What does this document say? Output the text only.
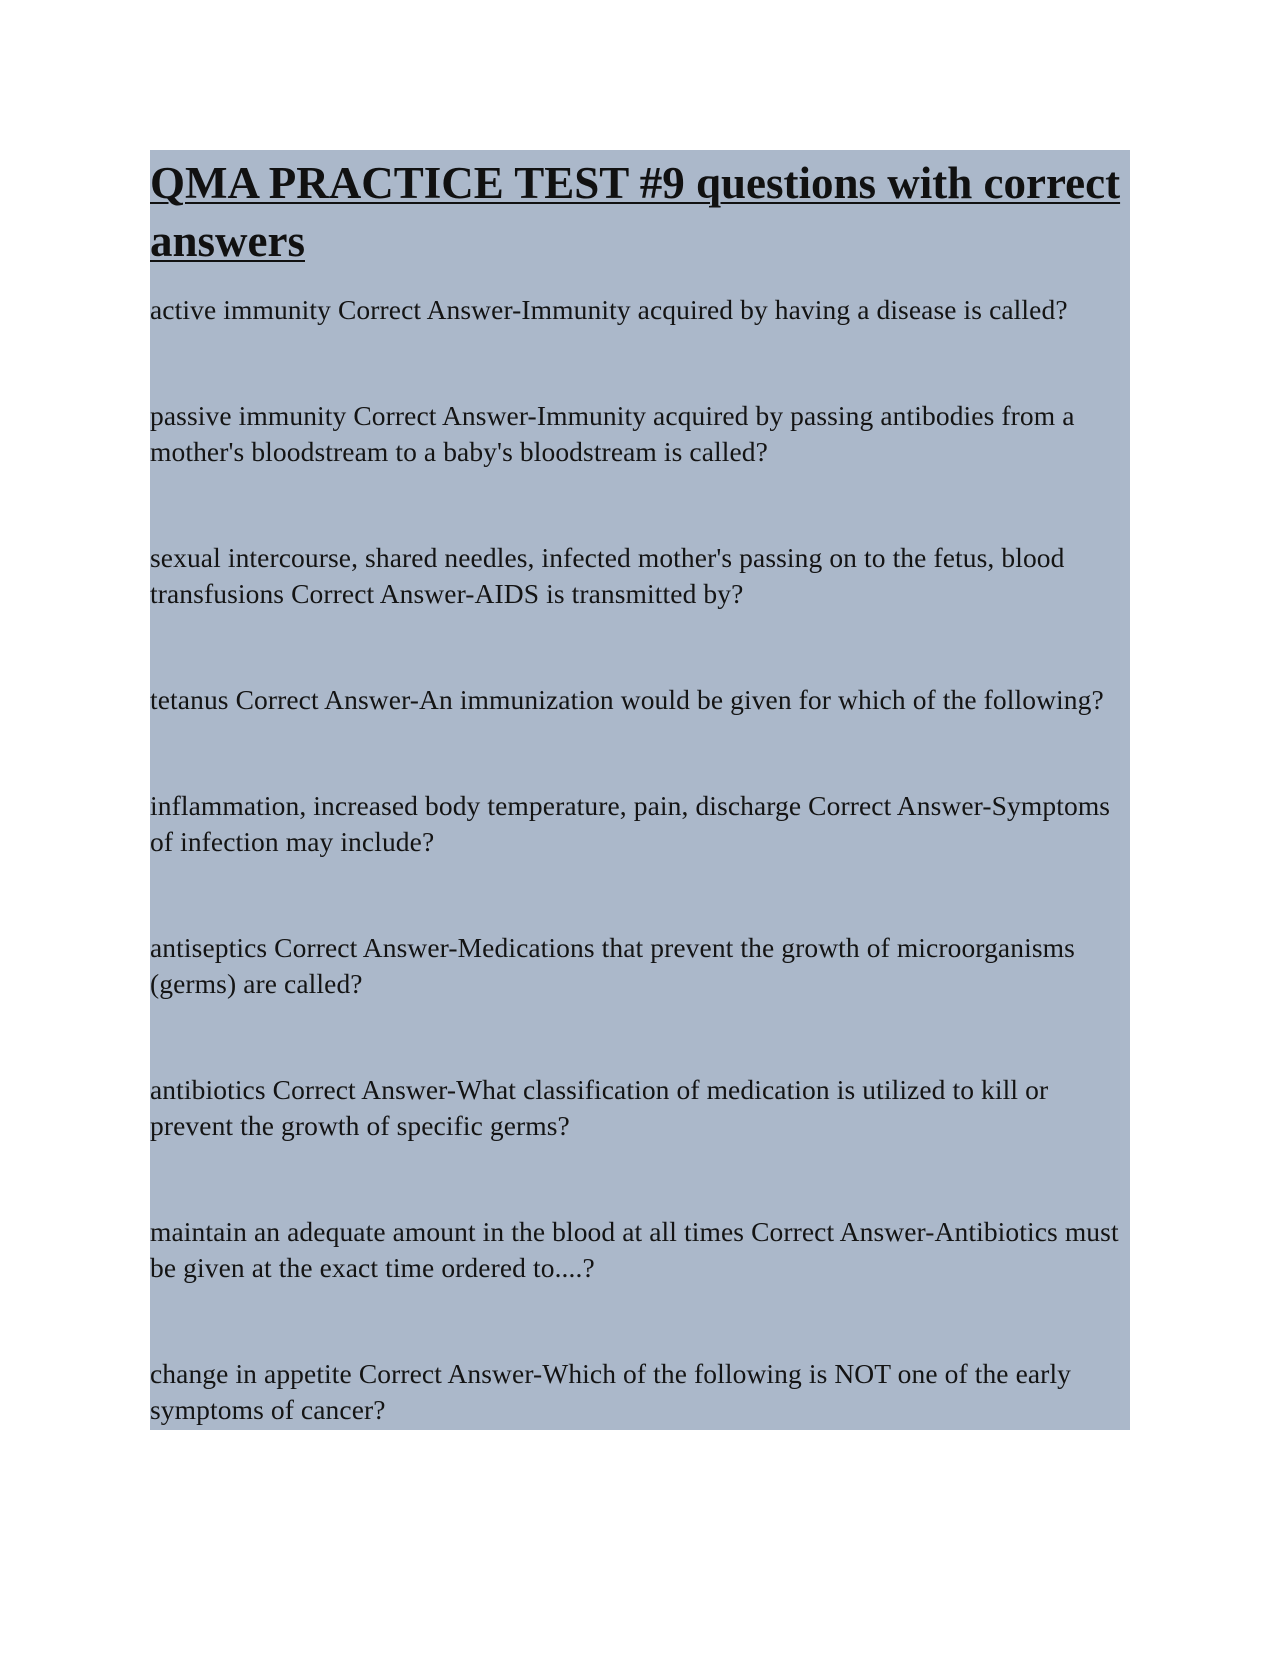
QMA PRACTICE TEST #9 questions with correct answers
active immunity Correct Answer-Immunity acquired by having a disease is called?
passive immunity Correct Answer-Immunity acquired by passing antibodies from a mother's bloodstream to a baby's bloodstream is called?
sexual intercourse, shared needles, infected mother's passing on to the fetus, blood transfusions Correct Answer-AIDS is transmitted by?
tetanus Correct Answer-An immunization would be given for which of the following?
inflammation, increased body temperature, pain, discharge Correct Answer-Symptoms of infection may include?
antiseptics Correct Answer-Medications that prevent the growth of microorganisms (germs) are called?
antibiotics Correct Answer-What classification of medication is utilized to kill or prevent the growth of specific germs?
maintain an adequate amount in the blood at all times Correct Answer-Antibiotics must be given at the exact time ordered to....?
change in appetite Correct Answer-Which of the following is NOT one of the early symptoms of cancer?
